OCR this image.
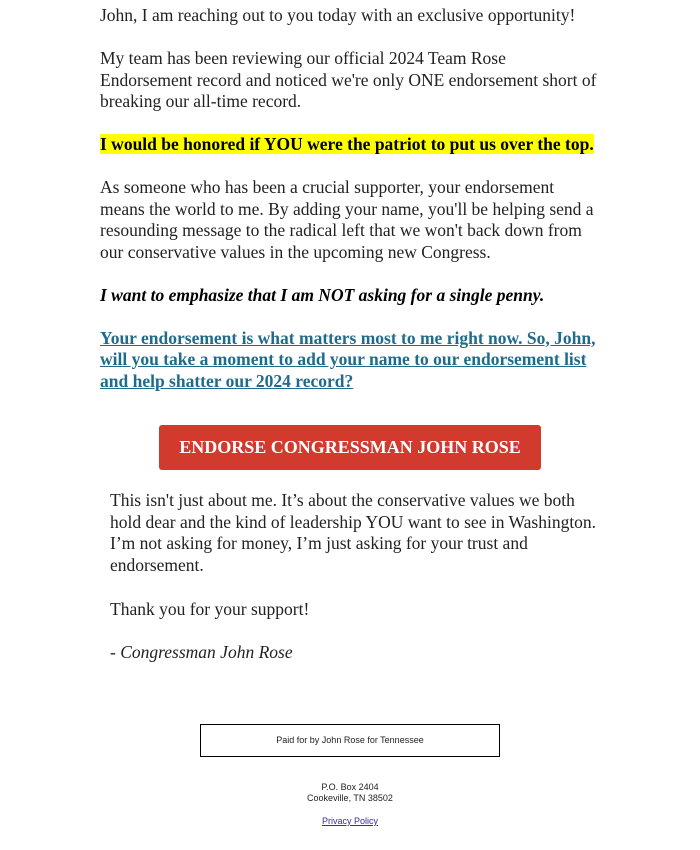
John, I am reaching out to you today with an exclusive opportunity!

My team has been reviewing our official 2024 Team Rose Endorsement record and noticed we're only ONE endorsement short of breaking our all-time record.

I would be honored if YOU were the patriot to put us over the top.

As someone who has been a crucial supporter, your endorsement means the world to me. By adding your name, you'll be helping send a resounding message to the radical left that we won't back down from our conservative values in the upcoming new Congress.

I want to emphasize that I am NOT asking for a single penny.

Your endorsement is what matters most to me right now. So, John, will you take a moment to add your name to our endorsement list and help shatter our 2024 record?

ENDORSE CONGRESSMAN JOHN ROSE

This isn't just about me. It’s about the conservative values we both hold dear and the kind of leadership YOU want to see in Washington. I’m not asking for money, I’m just asking for your trust and endorsement.

Thank you for your support!

- Congressman John Rose

Paid for by John Rose for Tennessee
P.O. Box 2404
Cookeville, TN 38502
Privacy Policy
